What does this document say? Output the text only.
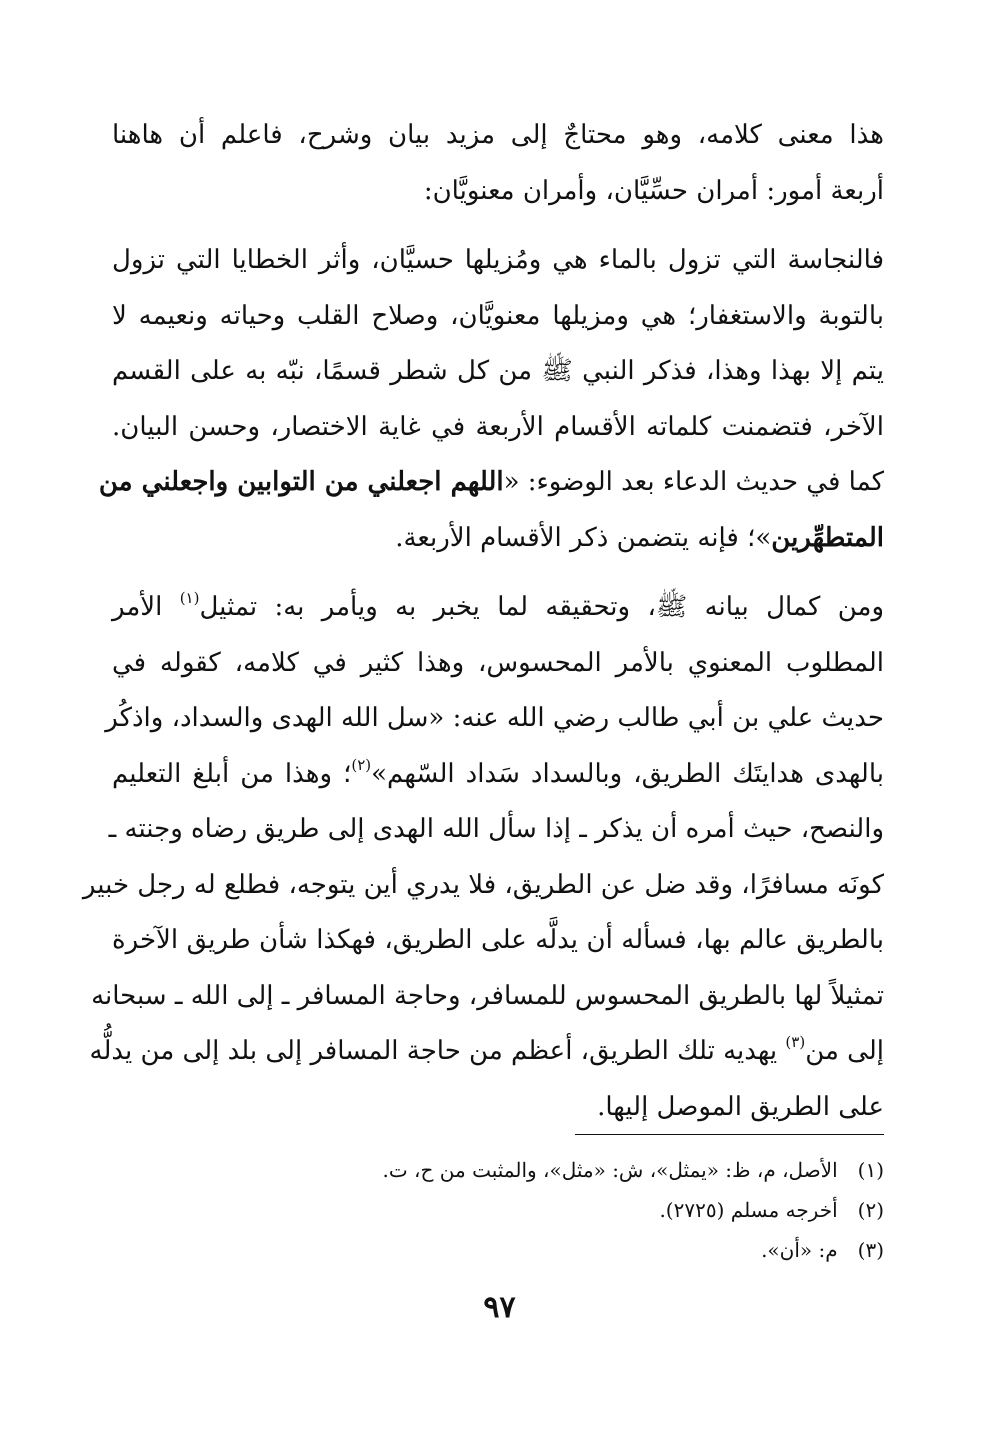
هذا معنى كلامه، وهو محتاجٌ إلى مزيد بيان وشرح، فاعلم أن هاهنا
أربعة أمور: أمران حسِّيَّان، وأمران معنويَّان:

فالنجاسة التي تزول بالماء هي ومُزيلها حسيَّان، وأثر الخطايا التي تزول
بالتوبة والاستغفار؛ هي ومزيلها معنويَّان، وصلاح القلب وحياته ونعيمه لا
يتم إلا بهذا وهذا، فذكر النبي ﷺ من كل شطر قسمًا، نبّه به على القسم
الآخر، فتضمنت كلماته الأقسام الأربعة في غاية الاختصار، وحسن البيان.
كما في حديث الدعاء بعد الوضوء: «اللهم اجعلني من التوابين واجعلني من
المتطهِّرين»؛ فإنه يتضمن ذكر الأقسام الأربعة.

ومن كمال بيانه ﷺ، وتحقيقه لما يخبر به ويأمر به: تمثيل$^{(١)}$ الأمر
المطلوب المعنوي بالأمر المحسوس، وهذا كثير في كلامه، كقوله في
حديث علي بن أبي طالب رضي الله عنه: «سل الله الهدى والسداد، واذكُر
بالهدى هدايتَك الطريق، وبالسداد سَداد السّهم»$^{(٢)}$؛ وهذا من أبلغ التعليم
والنصح، حيث أمره أن يذكر ـ إذا سأل الله الهدى إلى طريق رضاه وجنته ـ
كونَه مسافرًا، وقد ضل عن الطريق، فلا يدري أين يتوجه، فطلع له رجل خبير
بالطريق عالم بها، فسأله أن يدلَّه على الطريق، فهكذا شأن طريق الآخرة
تمثيلاً لها بالطريق المحسوس للمسافر، وحاجة المسافر ـ إلى الله ـ سبحانه
إلى من$^{(٣)}$ يهديه تلك الطريق، أعظم من حاجة المسافر إلى بلد إلى من يدلُّه
على الطريق الموصل إليها.

(١) الأصل، م، ظ: «يمثل»، ش: «مثل»، والمثبت من ح، ت.
(٢) أخرجه مسلم (٢٧٢٥).
(٣) م: «أن».
٩٧
